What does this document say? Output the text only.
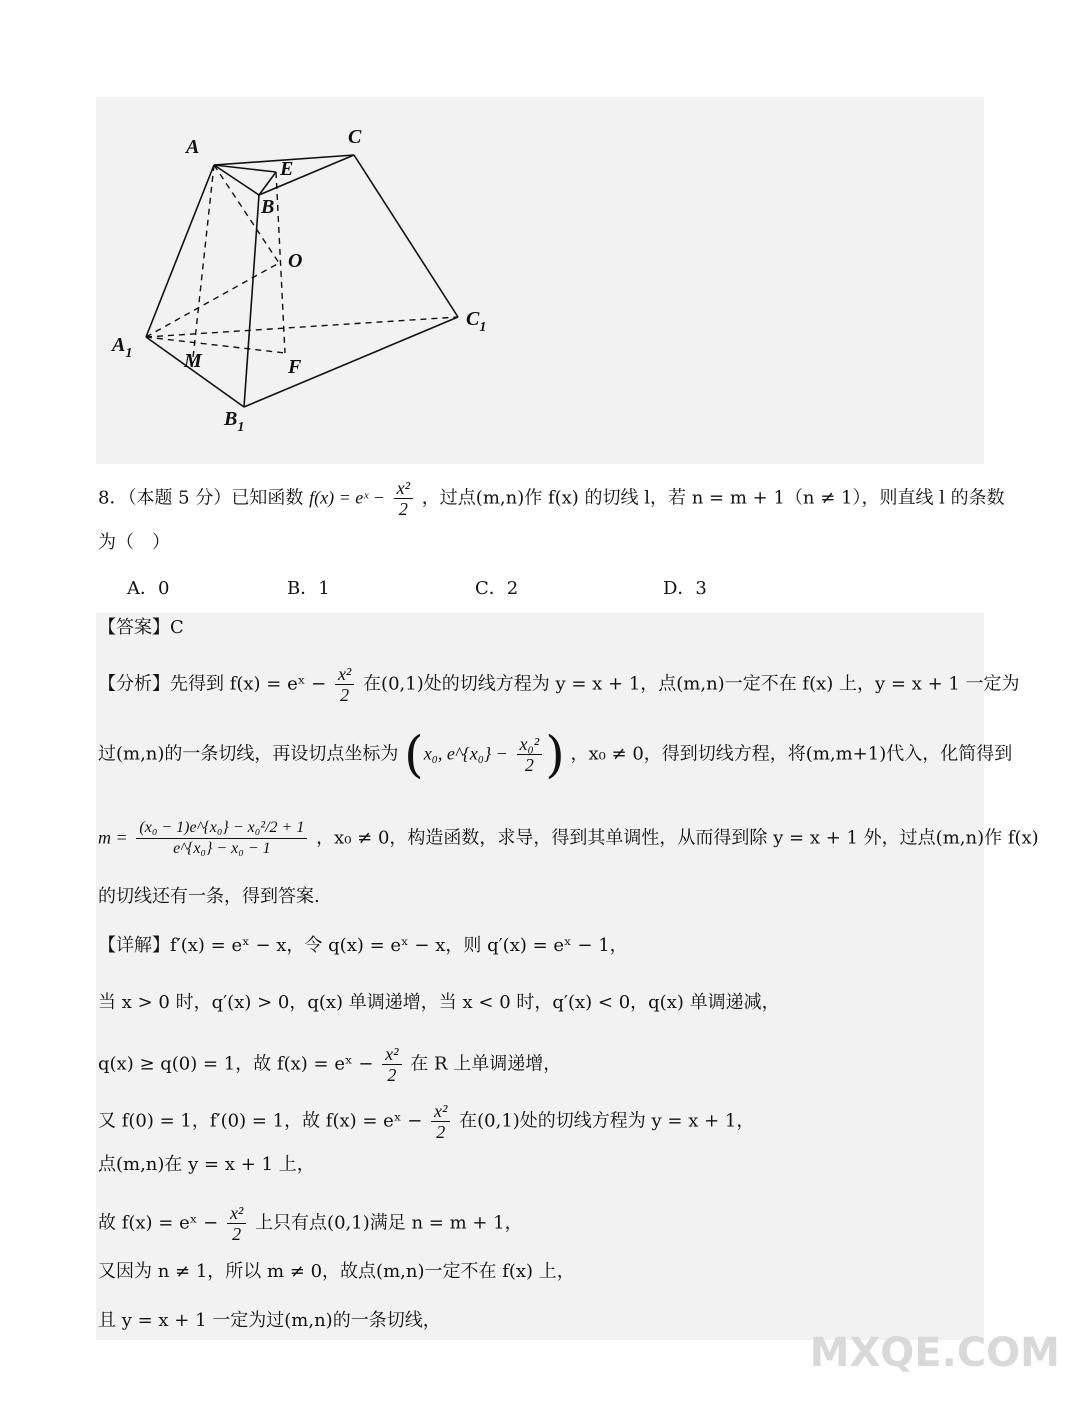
A	C
E
B
O
$C_1$
$A_1$	M	F
$B_1$
8．（本题 5 分）已知函数 f(x) = eˣ − $\frac{\text{x²}}{2}$ ，过点(m,n)作 f(x) 的切线 l，若 n = m + 1（n ≠ 1），则直线 l 的条数
为（　）
A．0	B．1	C．2	D．3
【答案】C
【分析】先得到 f(x) = eˣ − $\frac{\text{x²}}{2}$ 在(0,1)处的切线方程为 y = x + 1，点(m,n)一定不在 f(x) 上，y = x + 1 一定为
过(m,n)的一条切线，再设切点坐标为 (x₀, e^{x₀} − $\frac{\text{x₀²}}{2}$ ) ，x₀ ≠ 0，得到切线方程，将(m,m+1)代入，化简得到
$m = \frac{\text{(x₀ − 1)e\textasciicircum{}\{x₀\} − x₀²/2 + 1}}{\text{e\textasciicircum{}\{x₀\} − x₀ − 1}}$ ，x₀ ≠ 0，构造函数，求导，得到其单调性，从而得到除 y = x + 1 外，过点(m,n)作 f(x)
的切线还有一条，得到答案.
【详解】f′(x) = eˣ − x，令 q(x) = eˣ − x，则 q′(x) = eˣ − 1，
当 x > 0 时，q′(x) > 0，q(x) 单调递增，当 x < 0 时，q′(x) < 0，q(x) 单调递减，
q(x) ≥ q(0) = 1，故 f(x) = eˣ − $\frac{\text{x²}}{2}$ 在 R 上单调递增，
又 f(0) = 1，f′(0) = 1，故 f(x) = eˣ − $\frac{\text{x²}}{2}$ 在(0,1)处的切线方程为 y = x + 1，
点(m,n)在 y = x + 1 上，
故 f(x) = eˣ − $\frac{\text{x²}}{2}$ 上只有点(0,1)满足 n = m + 1，
又因为 n ≠ 1，所以 m ≠ 0，故点(m,n)一定不在 f(x) 上，
且 y = x + 1 一定为过(m,n)的一条切线，
MXQE.COM
